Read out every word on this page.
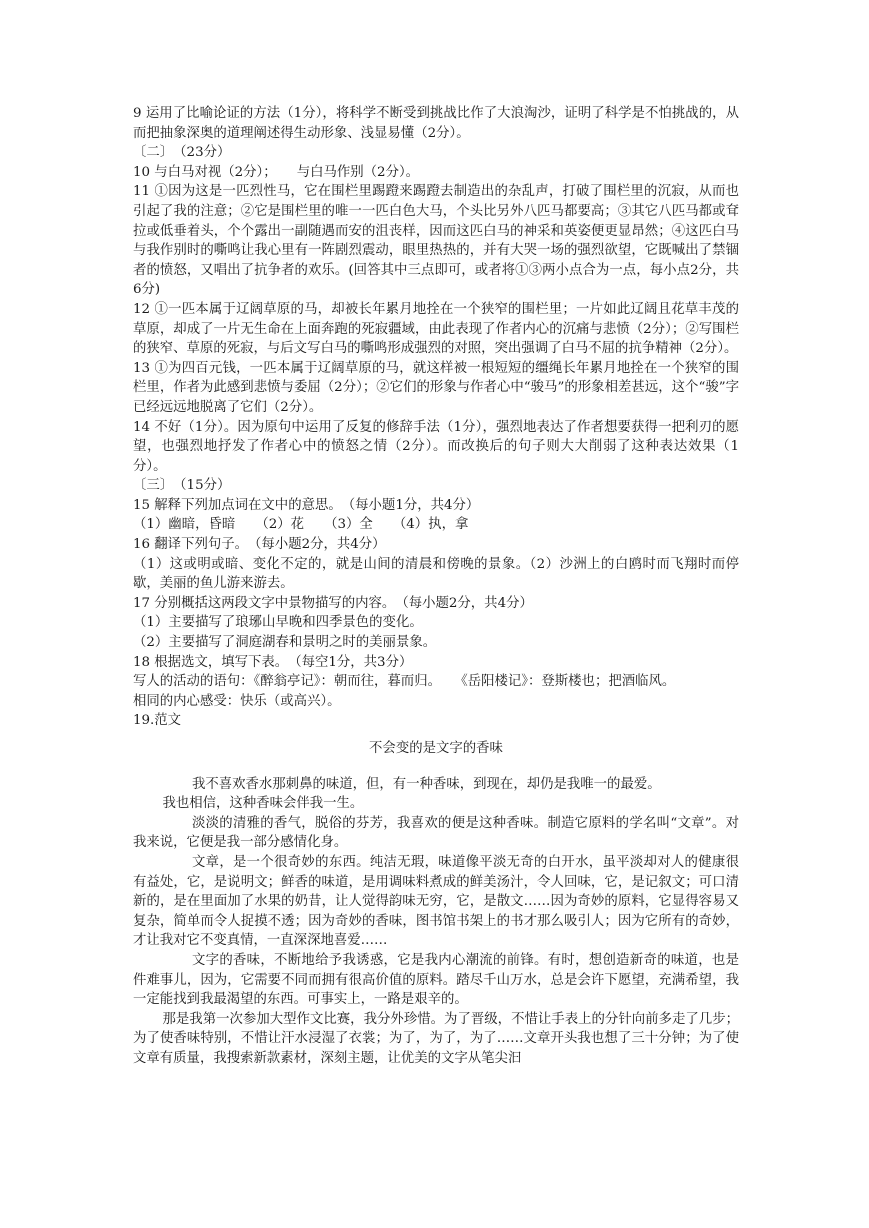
9 运用了比喻论证的方法（1分），将科学不断受到挑战比作了大浪淘沙，证明了科学是不怕挑战的，从而把抽象深奥的道理阐述得生动形象、浅显易懂（2分）。

〔二〕　（23分）

10 与白马对视（2分）；　　与白马作别（2分）。

11 ①因为这是一匹烈性马，它在围栏里踢蹬来踢蹬去制造出的杂乱声，打破了围栏里的沉寂，从而也引起了我的注意；②它是围栏里的唯一一匹白色大马，个头比另外八匹马都要高；③其它八匹马都或耷拉或低垂着头，个个露出一副随遇而安的沮丧样，因而这匹白马的神采和英姿便更显昂然；④这匹白马与我作别时的嘶鸣让我心里有一阵剧烈震动，眼里热热的，并有大哭一场的强烈欲望，它既喊出了禁锢者的愤怒，又唱出了抗争者的欢乐。(回答其中三点即可，或者将①③两小点合为一点，每小点2分，共6分)

12 ①一匹本属于辽阔草原的马，却被长年累月地拴在一个狭窄的围栏里；一片如此辽阔且花草丰茂的草原，却成了一片无生命在上面奔跑的死寂疆域，由此表现了作者内心的沉痛与悲愤（2分）；②写围栏的狭窄、草原的死寂，与后文写白马的嘶鸣形成强烈的对照，突出强调了白马不屈的抗争精神（2分）。

13 ①为四百元钱，一匹本属于辽阔草原的马，就这样被一根短短的缰绳长年累月地拴在一个狭窄的围栏里，作者为此感到悲愤与委屈（2分）；②它们的形象与作者心中“骏马”的形象相差甚远，这个“骏”字已经远远地脱离了它们（2分）。

14 不好（1分）。因为原句中运用了反复的修辞手法（1分），强烈地表达了作者想要获得一把利刃的愿望，也强烈地抒发了作者心中的愤怒之情（2分）。而改换后的句子则大大削弱了这种表达效果（1分）。

〔三〕　（15分）

15 解释下列加点词在文中的意思。　（每小题1分，共4分）

（1）幽暗，昏暗　　（2）花　　（3）全　　（4）执，拿

16 翻译下列句子。　（每小题2分，共4分）

（1）这或明或暗、变化不定的，就是山间的清晨和傍晚的景象。（2）沙洲上的白鸥时而飞翔时而停歇，美丽的鱼儿游来游去。

17 分别概括这两段文字中景物描写的内容。　（每小题2分，共4分）

（1）主要描写了琅琊山早晚和四季景色的变化。

（2）主要描写了洞庭湖春和景明之时的美丽景象。

18 根据选文，填写下表。　（每空1分，共3分）

写人的活动的语句：《醉翁亭记》：朝而往，暮而归。　　《岳阳楼记》：登斯楼也；把酒临风。

相同的内心感受：快乐（或高兴）。

19.范文

不会变的是文字的香味

我不喜欢香水那刺鼻的味道，但，有一种香味，到现在，却仍是我唯一的最爱。

我也相信，这种香味会伴我一生。

淡淡的清雅的香气，脱俗的芬芳，我喜欢的便是这种香味。制造它原料的学名叫“文章”。对我来说，它便是我一部分感情化身。

文章，是一个很奇妙的东西。纯洁无瑕，味道像平淡无奇的白开水，虽平淡却对人的健康很有益处，它，是说明文；鲜香的味道，是用调味料煮成的鲜美汤汁，令人回味，它，是记叙文；可口清新的，是在里面加了水果的奶昔，让人觉得韵味无穷，它，是散文……因为奇妙的原料，它显得容易又复杂，简单而令人捉摸不透；因为奇妙的香味，图书馆书架上的书才那么吸引人；因为它所有的奇妙，才让我对它不变真情，一直深深地喜爱……

文字的香味，不断地给予我诱惑，它是我内心潮流的前锋。有时，想创造新奇的味道，也是件难事儿，因为，它需要不同而拥有很高价值的原料。踏尽千山万水，总是会许下愿望，充满希望，我一定能找到我最渴望的东西。可事实上，一路是艰辛的。

那是我第一次参加大型作文比赛，我分外珍惜。为了晋级，不惜让手表上的分针向前多走了几步；为了使香味特别，不惜让汗水浸湿了衣裳；为了，为了，为了……文章开头我也想了三十分钟；为了使文章有质量，我搜索新款素材，深刻主题，让优美的文字从笔尖汩
